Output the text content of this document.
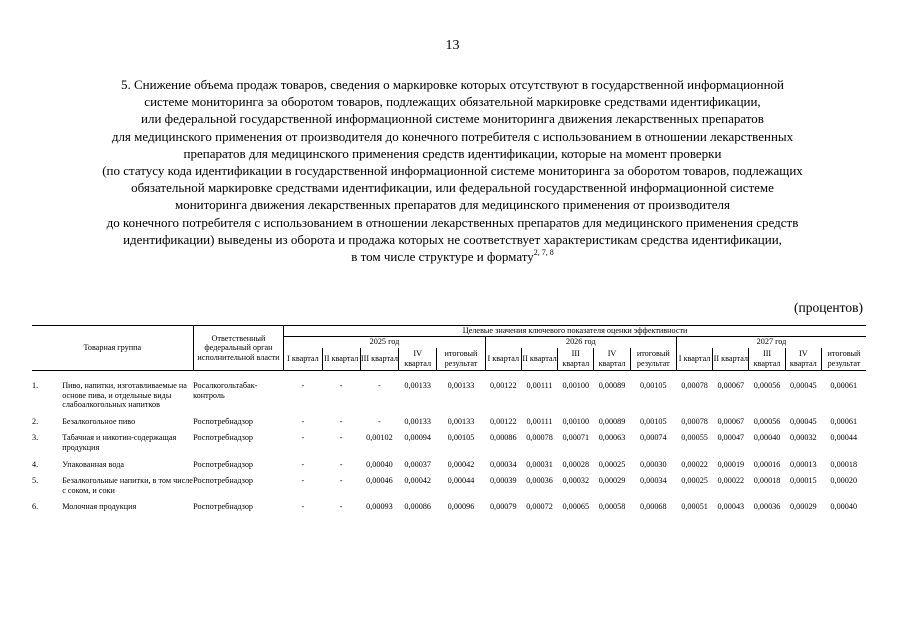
13
5. Снижение объема продаж товаров, сведения о маркировке которых отсутствуют в государственной информационной
системе мониторинга за оборотом товаров, подлежащих обязательной маркировке средствами идентификации,
или федеральной государственной информационной системе мониторинга движения лекарственных препаратов
для медицинского применения от производителя до конечного потребителя с использованием в отношении лекарственных
препаратов для медицинского применения средств идентификации, которые на момент проверки
(по статусу кода идентификации в государственной информационной системе мониторинга за оборотом товаров, подлежащих
обязательной маркировке средствами идентификации, или федеральной государственной информационной системе
мониторинга движения лекарственных препаратов для медицинского применения от производителя
до конечного потребителя с использованием в отношении лекарственных препаратов для медицинского применения средств
идентификации) выведены из оборота и продажа которых не соответствует характеристикам средства идентификации,
в том числе структуре и формату$^{2, 7, 8}$
(процентов)
Товарная группа		Ответственный федеральный орган исполнительной власти	Целевые значения ключевого показателя оценки эффективности														
			2025 год					2026 год					2027 год				
			I квартал	II квартал	III квартал	IV квартал	итоговый результат	I квартал	II квартал	III квартал	IV квартал	итоговый результат	I квартал	II квартал	III квартал	IV квартал	итоговый результат
1.	Пиво, напитки, изготавливаемые на основе пива, и отдельные виды слабоалкогольных напитков	Росалкогольтабак-контроль	-	-	-	0,00133	0,00133	0,00122	0,00111	0,00100	0,00089	0,00105	0,00078	0,00067	0,00056	0,00045	0,00061
2.	Безалкогольное пиво	Роспотребнадзор	-	-	-	0,00133	0,00133	0,00122	0,00111	0,00100	0,00089	0,00105	0,00078	0,00067	0,00056	0,00045	0,00061
3.	Табачная и никотин-содержащая продукция	Роспотребнадзор	-	-	0,00102	0,00094	0,00105	0,00086	0,00078	0,00071	0,00063	0,00074	0,00055	0,00047	0,00040	0,00032	0,00044
4.	Упакованная вода	Роспотребнадзор	-	-	0,00040	0,00037	0,00042	0,00034	0,00031	0,00028	0,00025	0,00030	0,00022	0,00019	0,00016	0,00013	0,00018
5.	Безалкогольные напитки, в том числе с соком, и соки	Роспотребнадзор	-	-	0,00046	0,00042	0,00044	0,00039	0,00036	0,00032	0,00029	0,00034	0,00025	0,00022	0,00018	0,00015	0,00020
6.	Молочная продукция	Роспотребнадзор	-	-	0,00093	0,00086	0,00096	0,00079	0,00072	0,00065	0,00058	0,00068	0,00051	0,00043	0,00036	0,00029	0,00040
